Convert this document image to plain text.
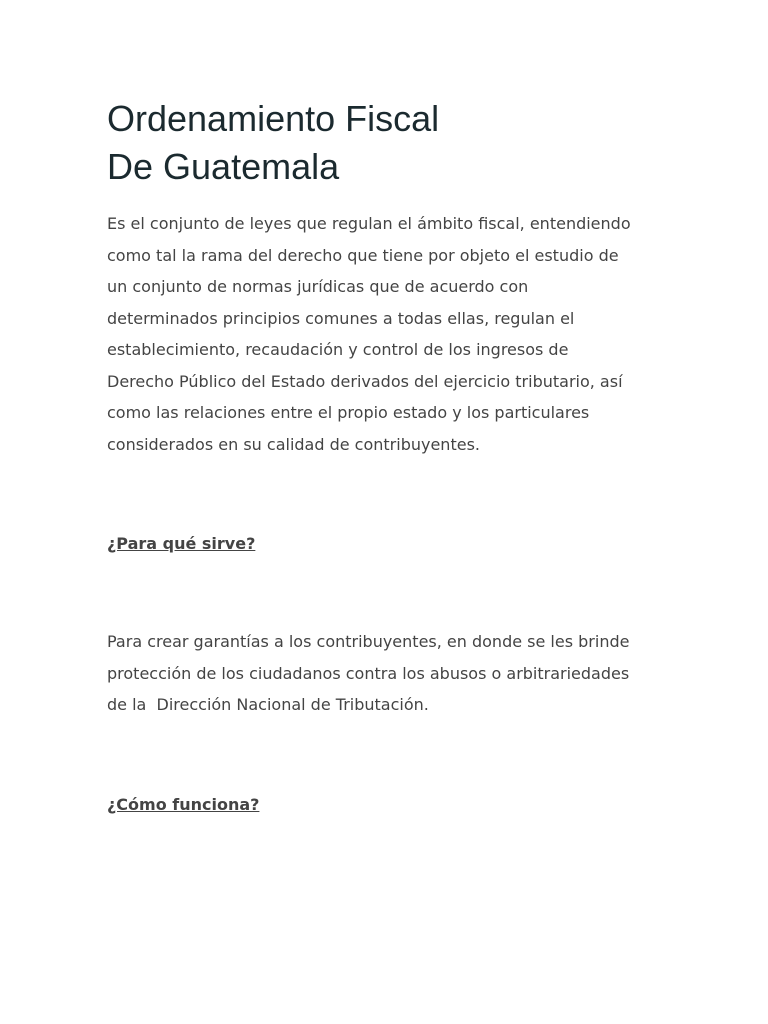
Ordenamiento Fiscal
De Guatemala

Es el conjunto de leyes que regulan el ámbito fiscal, entendiendo
como tal la rama del derecho que tiene por objeto el estudio de
un conjunto de normas jurídicas que de acuerdo con
determinados principios comunes a todas ellas, regulan el
establecimiento, recaudación y control de los ingresos de
Derecho Público del Estado derivados del ejercicio tributario, así
como las relaciones entre el propio estado y los particulares
considerados en su calidad de contribuyentes.

¿Para qué sirve?

Para crear garantías a los contribuyentes, en donde se les brinde
protección de los ciudadanos contra los abusos o arbitrariedades
de la  Dirección Nacional de Tributación.

¿Cómo funciona?
